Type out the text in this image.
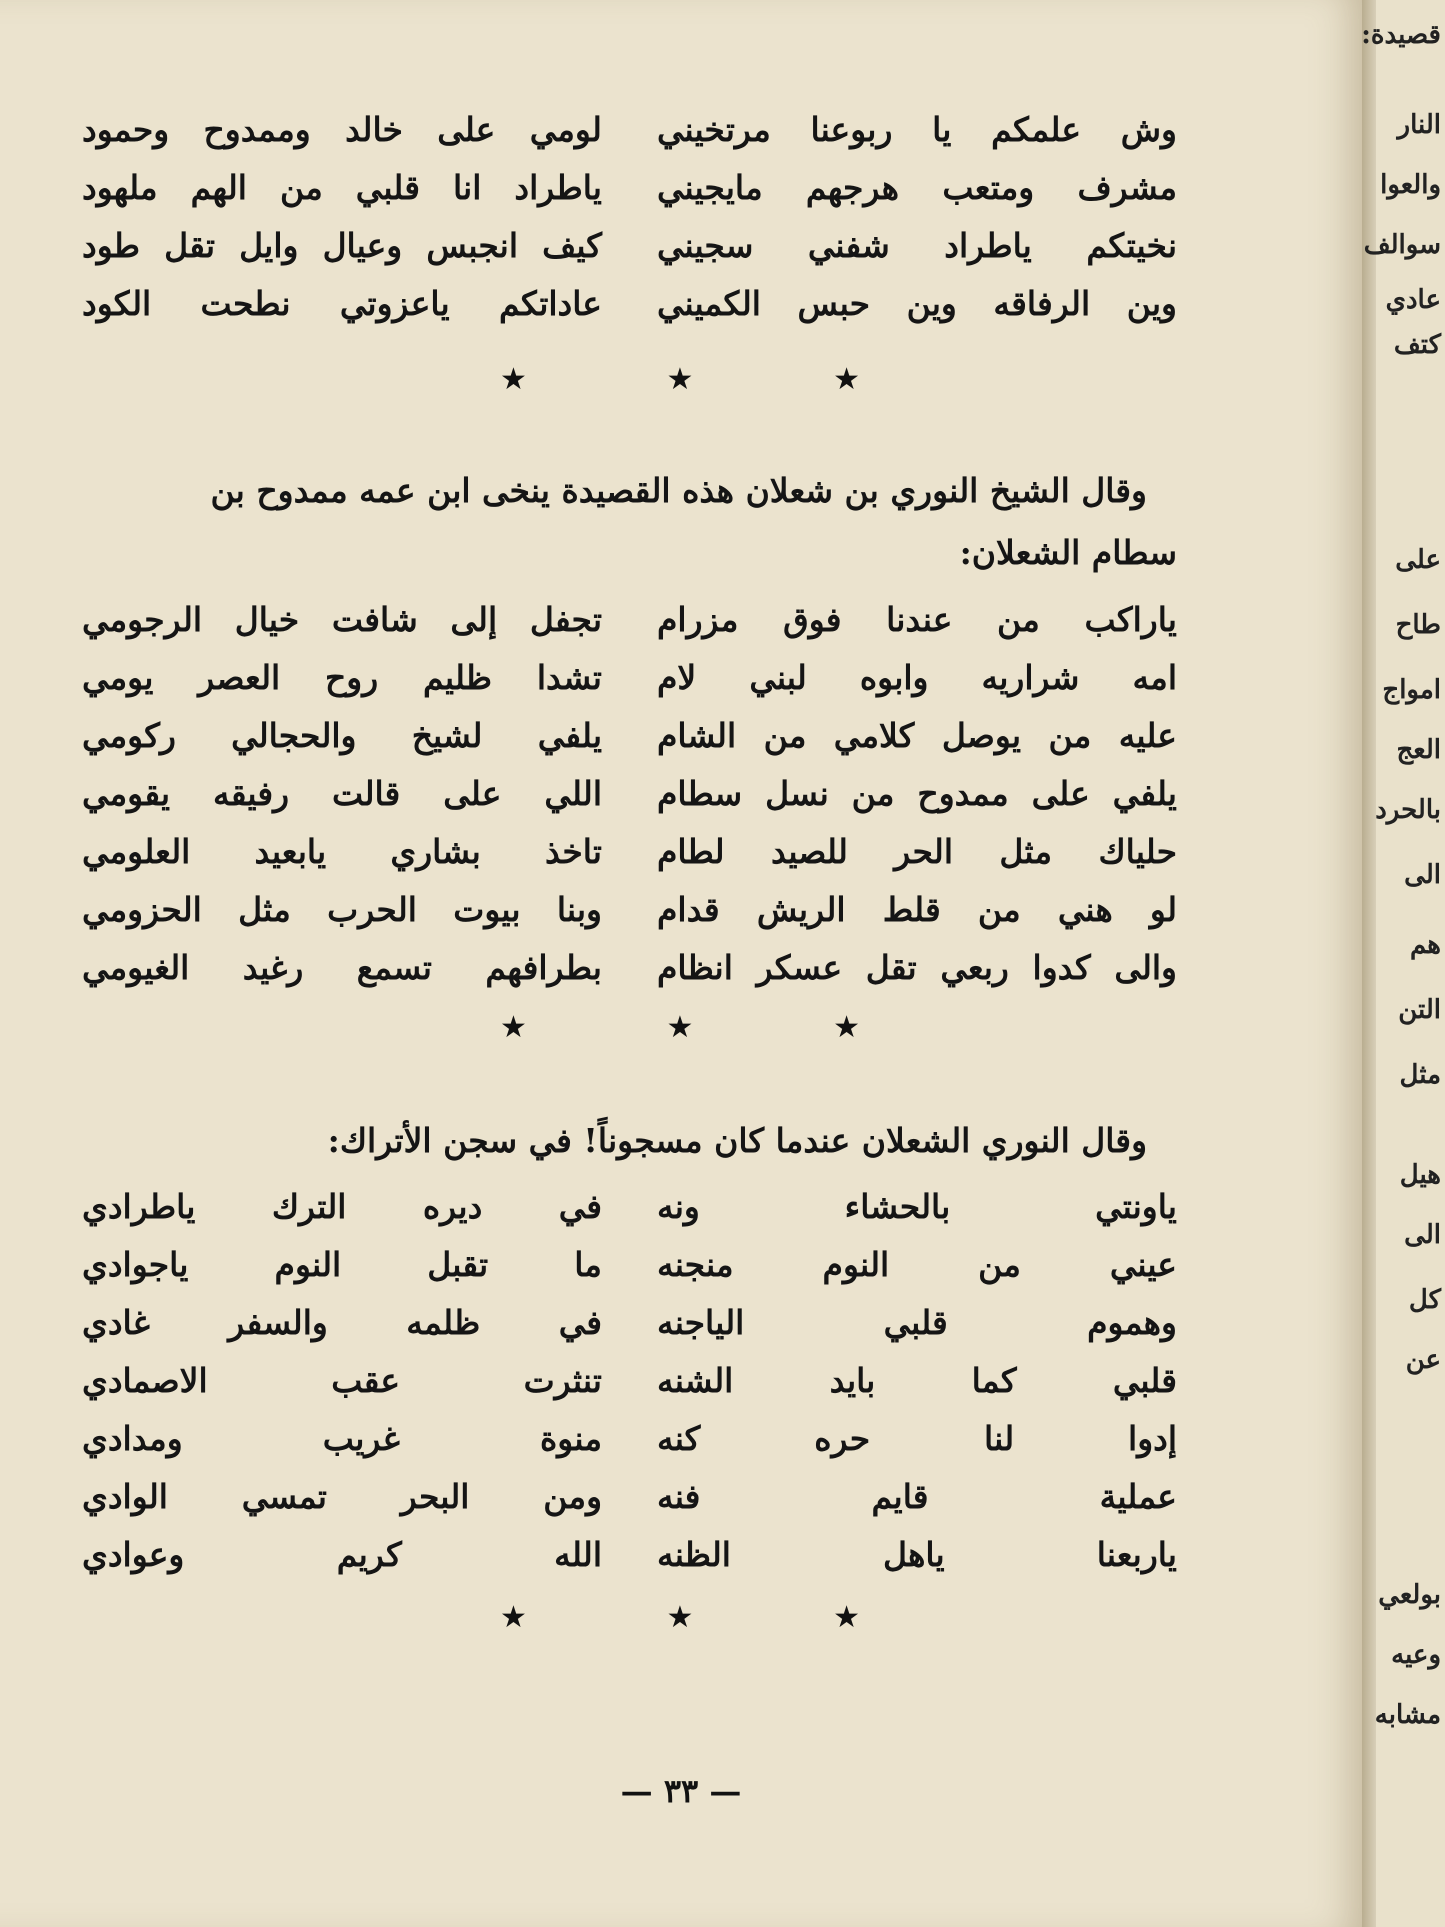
وش علمكم يا ربوعنا مرتخيني
لومي على خالد وممدوح وحمود
مشرف ومتعب هرجهم مايجيني
ياطراد انا قلبي من الهم ملهود
نخيتكم ياطراد شفني سجيني
كيف انجبس وعيال وايل تقل طود
وين الرفاقه وين حبس الكميني
عاداتكم ياعزوتي نطحت الكود
★
★
★
وقال الشيخ النوري بن شعلان هذه القصيدة ينخى ابن عمه ممدوح بن
سطام الشعلان:
ياراكب من عندنا فوق مزرام
تجفل إلى شافت خيال الرجومي
امه شراريه وابوه لبني لام
تشدا ظليم روح العصر يومي
عليه من يوصل كلامي من الشام
يلفي لشيخ والحجالي ركومي
يلفي على ممدوح من نسل سطام
اللي على قالت رفيقه يقومي
حلياك مثل الحر للصيد لطام
تاخذ بشاري يابعيد العلومي
لو هني من قلط الريش قدام
وبنا بيوت الحرب مثل الحزومي
والى كدوا ربعي تقل عسكر انظام
بطرافهم تسمع رغيد الغيومي
★
★
★
وقال النوري الشعلان عندما كان مسجوناً! في سجن الأتراك:
ياونتي بالحشاء ونه
في ديره الترك ياطرادي
عيني من النوم منجنه
ما تقبل النوم ياجوادي
وهموم قلبي الياجنه
في ظلمه والسفر غادي
قلبي كما بايد الشنه
تنثرت عقب الاصمادي
إدوا لنا حره كنه
منوة غريب ومدادي
عملية قايم فنه
ومن البحر تمسي الوادي
ياربعنا ياهل الظنه
الله كريم وعوادي
★
★
★
— ٣٣ —
قصيدة:
النار
والعوا
سوالف
عادي
كتف
على
طاح
امواج
العج
بالحرد
الى
هم
التن
مثل
هيل
الى
كل
عن
بولعي
وعيه
مشابه
